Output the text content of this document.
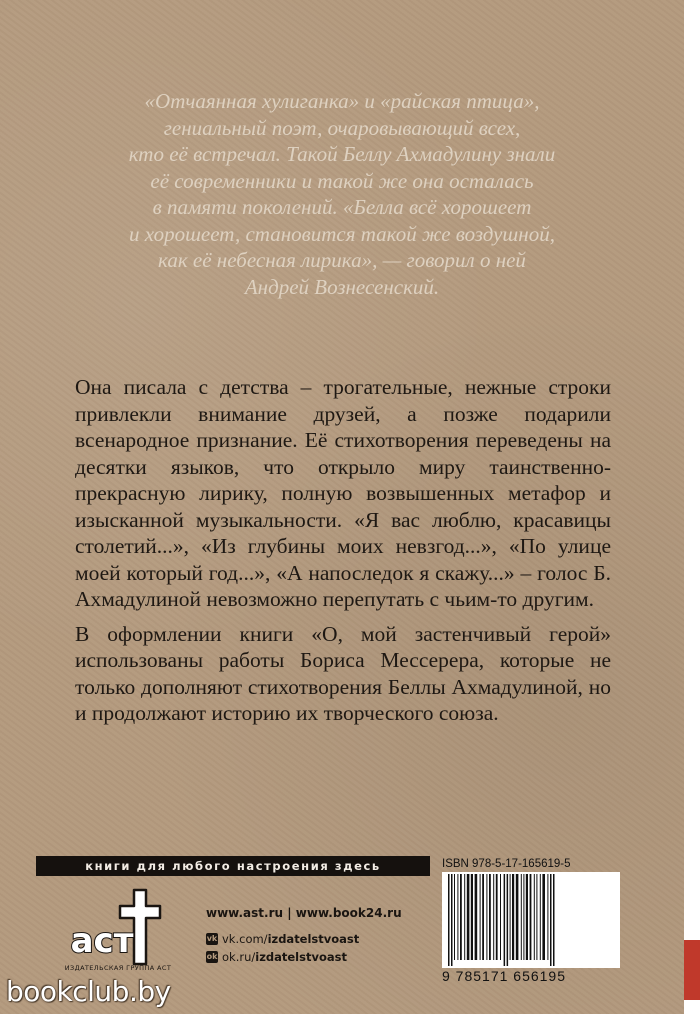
«Отчаянная хулиганка» и «райская птица»,
гениальный поэт, очаровывающий всех,
кто её встречал. Такой Беллу Ахмадулину знали
её современники и такой же она осталась
в памяти поколений. «Белла всё хорошеет
и хорошеет, становится такой же воздушной,
как её небесная лирика», — говорил о ней
Андрей Вознесенский.

Она писала с детства – трогательные, нежные строки привлекли внимание друзей, а позже подарили всенародное признание. Её стихотворения переведены на десятки языков, что открыло миру таинственно-прекрасную лирику, полную возвышенных метафор и изысканной музыкальности. «Я вас люблю, красавицы столетий...», «Из глубины моих невзгод...», «По улице моей который год...», «А напоследок я скажу...» – голос Б. Ахмадулиной невозможно перепутать с чьим-то другим.

В оформлении книги «О, мой застенчивый герой» использованы работы Бориса Мессерера, которые не только дополняют стихотворения Беллы Ахмадулиной, но и продолжают историю их творческого союза.

книги для любого настроения здесь
аст
ИЗДАТЕЛЬСКАЯ ГРУППА АСТ
www.ast.ru | www.book24.ru
vk vk.com/ izdatelstvoast
ok ok.ru/ izdatelstvoast
ISBN 978-5-17-165619-5
9 785171 656195
bookclub.by
